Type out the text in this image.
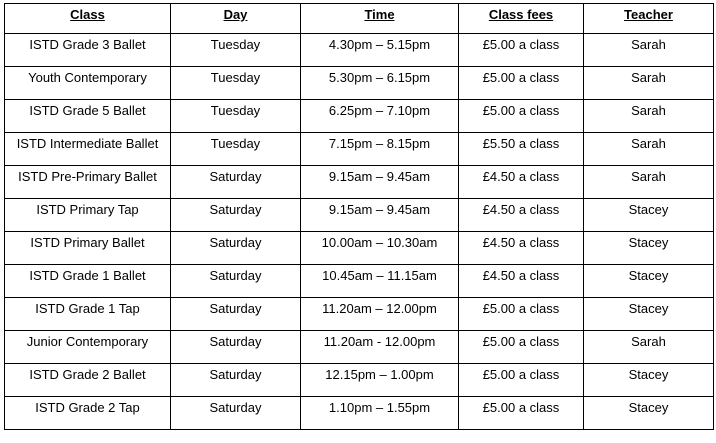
Class	Day	Time	Class fees	Teacher
ISTD Grade 3 Ballet	Tuesday	4.30pm – 5.15pm	£5.00 a class	Sarah
Youth Contemporary	Tuesday	5.30pm – 6.15pm	£5.00 a class	Sarah
ISTD Grade 5 Ballet	Tuesday	6.25pm – 7.10pm	£5.00 a class	Sarah
ISTD Intermediate Ballet	Tuesday	7.15pm – 8.15pm	£5.50 a class	Sarah
ISTD Pre-Primary Ballet	Saturday	9.15am – 9.45am	£4.50 a class	Sarah
ISTD Primary Tap	Saturday	9.15am – 9.45am	£4.50 a class	Stacey
ISTD Primary Ballet	Saturday	10.00am – 10.30am	£4.50 a class	Stacey
ISTD Grade 1 Ballet	Saturday	10.45am – 11.15am	£4.50 a class	Stacey
ISTD Grade 1 Tap	Saturday	11.20am – 12.00pm	£5.00 a class	Stacey
Junior Contemporary	Saturday	11.20am - 12.00pm	£5.00 a class	Sarah
ISTD Grade 2 Ballet	Saturday	12.15pm – 1.00pm	£5.00 a class	Stacey
ISTD Grade 2 Tap	Saturday	1.10pm – 1.55pm	£5.00 a class	Stacey
